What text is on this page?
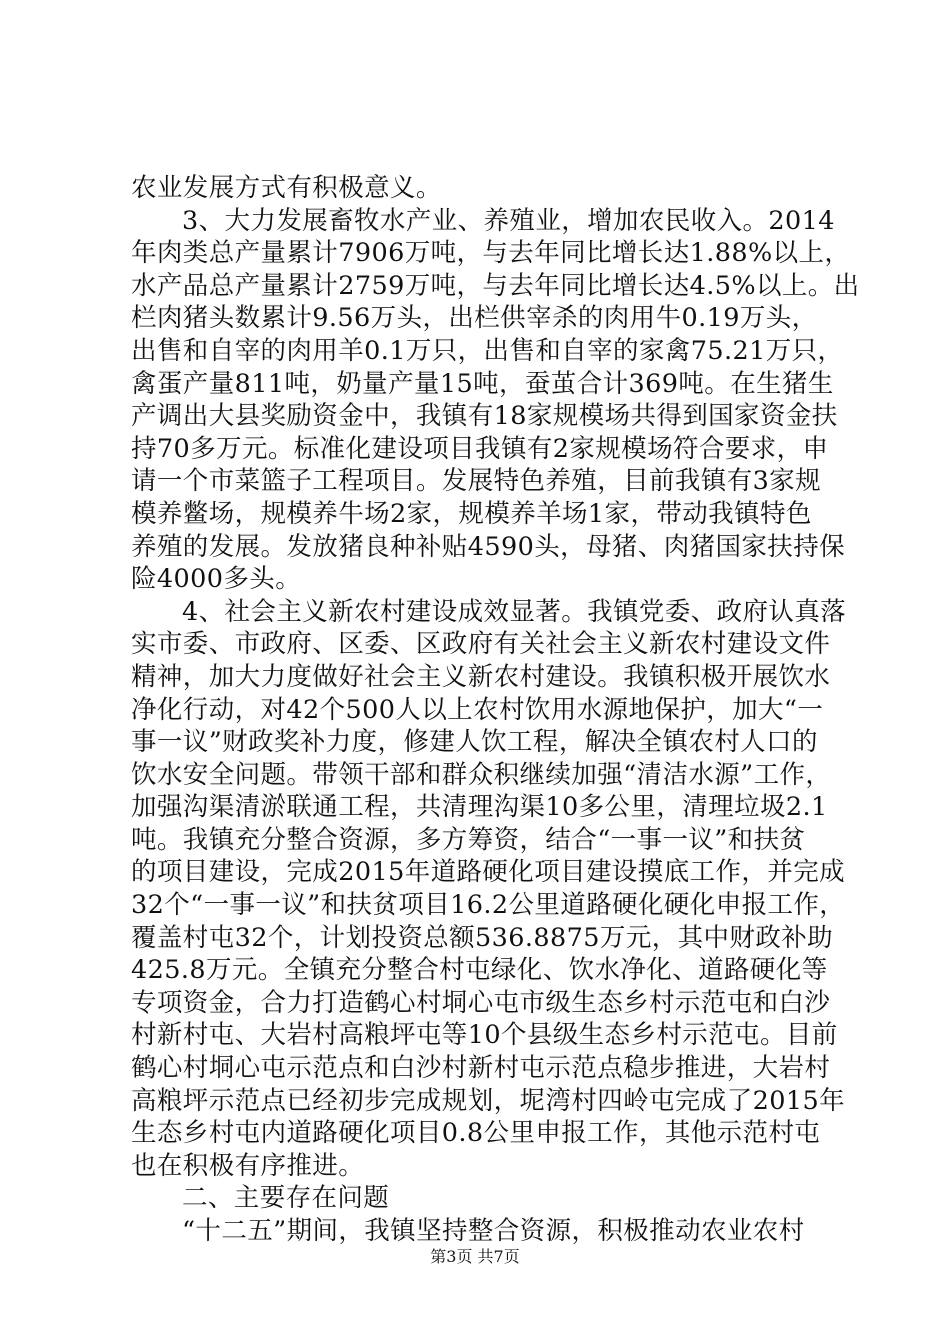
农业发展方式有积极意义。
3、大力发展畜牧水产业、养殖业，增加农民收入。2014
年肉类总产量累计7906万吨，与去年同比增长达1.88%以上，
水产品总产量累计2759万吨，与去年同比增长达4.5%以上。出
栏肉猪头数累计9.56万头，出栏供宰杀的肉用牛0.19万头，
出售和自宰的肉用羊0.1万只，出售和自宰的家禽75.21万只，
禽蛋产量811吨，奶量产量15吨，蚕茧合计369吨。在生猪生
产调出大县奖励资金中，我镇有18家规模场共得到国家资金扶
持70多万元。标准化建设项目我镇有2家规模场符合要求，申
请一个市菜篮子工程项目。发展特色养殖，目前我镇有3家规
模养鳖场，规模养牛场2家，规模养羊场1家，带动我镇特色
养殖的发展。发放猪良种补贴4590头，母猪、肉猪国家扶持保
险4000多头。
4、社会主义新农村建设成效显著。我镇党委、政府认真落
实市委、市政府、区委、区政府有关社会主义新农村建设文件
精神，加大力度做好社会主义新农村建设。我镇积极开展饮水
净化行动，对42个500人以上农村饮用水源地保护，加大“一
事一议”财政奖补力度，修建人饮工程，解决全镇农村人口的
饮水安全问题。带领干部和群众积继续加强“清洁水源”工作，
加强沟渠清淤联通工程，共清理沟渠10多公里，清理垃圾2.1
吨。我镇充分整合资源，多方筹资，结合“一事一议”和扶贫
的项目建设，完成2015年道路硬化项目建设摸底工作，并完成
32个“一事一议”和扶贫项目16.2公里道路硬化硬化申报工作，
覆盖村屯32个，计划投资总额536.8875万元，其中财政补助
425.8万元。全镇充分整合村屯绿化、饮水净化、道路硬化等
专项资金，合力打造鹤心村垌心屯市级生态乡村示范屯和白沙
村新村屯、大岩村高粮坪屯等10个县级生态乡村示范屯。目前
鹤心村垌心屯示范点和白沙村新村屯示范点稳步推进，大岩村
高粮坪示范点已经初步完成规划，坭湾村四岭屯完成了2015年
生态乡村屯内道路硬化项目0.8公里申报工作，其他示范村屯
也在积极有序推进。
二、主要存在问题
“十二五”期间，我镇坚持整合资源，积极推动农业农村
第3页 共7页
